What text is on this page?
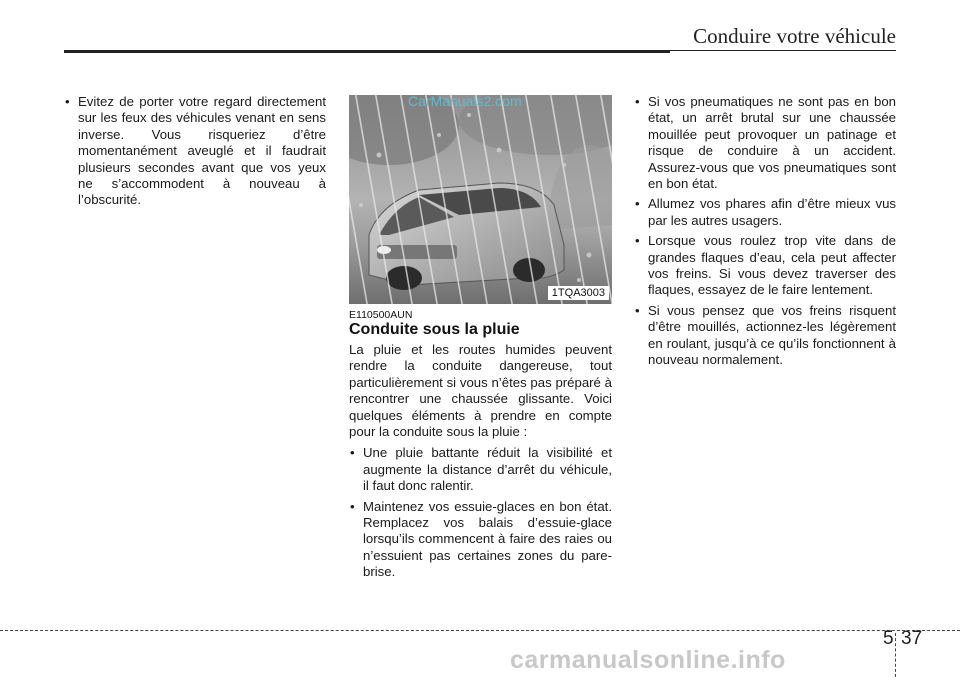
Conduire votre véhicule
• Evitez de porter votre regard directement sur les feux des véhicules venant en sens inverse. Vous risqueriez d’être momentanément aveuglé et il faudrait plusieurs secondes avant que vos yeux ne s’accommodent à nouveau à l’obscurité.
1TQA3003
CarManuals2.com
E110500AUN
Conduite sous la pluie

La pluie et les routes humides peuvent rendre la conduite dangereuse, tout particulièrement si vous n’êtes pas préparé à rencontrer une chaussée glissante. Voici quelques éléments à prendre en compte pour la conduite sous la pluie :

• Une pluie battante réduit la visibilité et augmente la distance d’arrêt du véhicule, il faut donc ralentir.
• Maintenez vos essuie-glaces en bon état. Remplacez vos balais d’essuie-glace lorsqu’ils commencent à faire des raies ou n’essuient pas certaines zones du pare-brise.
• Si vos pneumatiques ne sont pas en bon état, un arrêt brutal sur une chaussée mouillée peut provoquer un patinage et risque de conduire à un accident. Assurez-vous que vos pneumatiques sont en bon état.
• Allumez vos phares afin d’être mieux vus par les autres usagers.
• Lorsque vous roulez trop vite dans de grandes flaques d’eau, cela peut affecter vos freins. Si vous devez traverser des flaques, essayez de le faire lentement.
• Si vous pensez que vos freins risquent d’être mouillés, actionnez-les légèrement en roulant, jusqu’à ce qu’ils fonctionnent à nouveau normalement.
5 37
carmanualsonline.info
